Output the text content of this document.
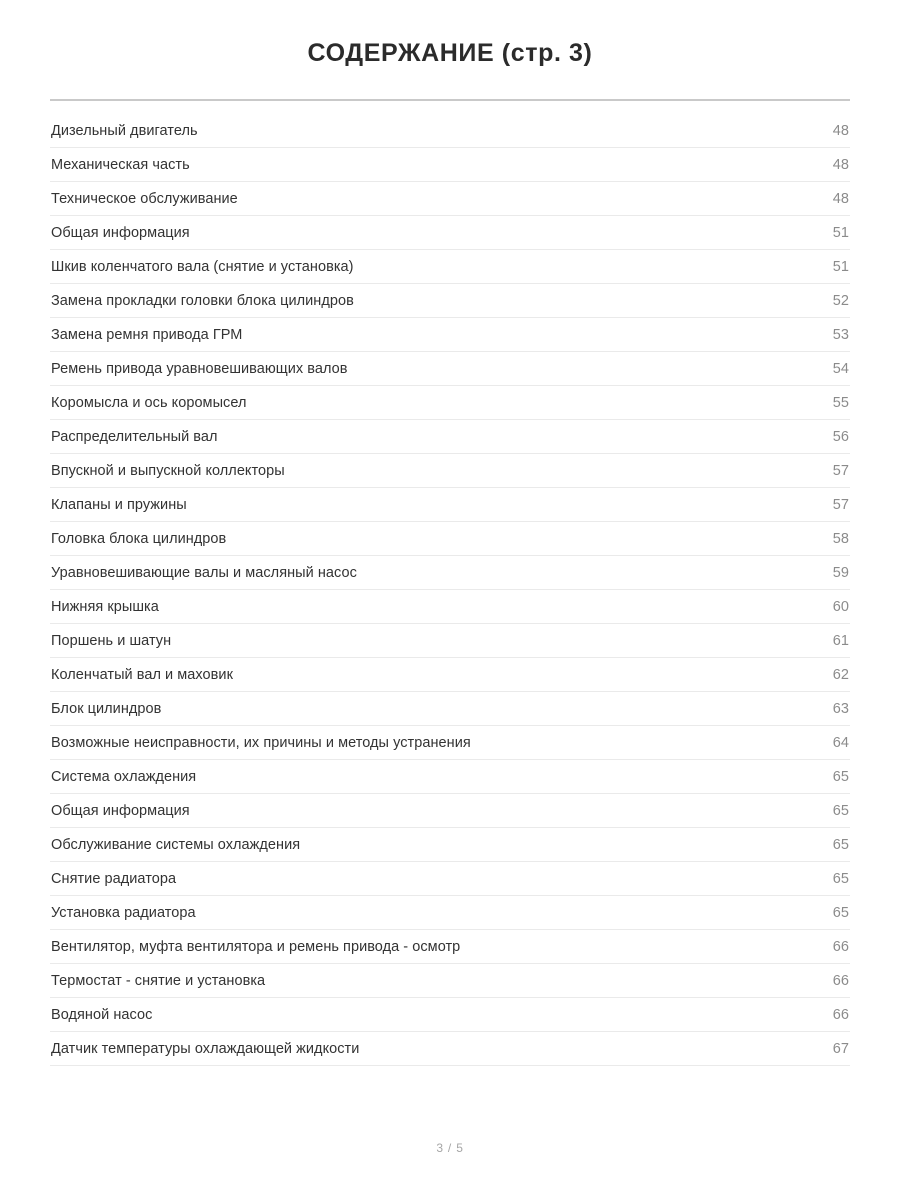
СОДЕРЖАНИЕ (стр. 3)
Дизельный двигатель	48
Механическая часть	48
Техническое обслуживание	48
Общая информация	51
Шкив коленчатого вала (снятие и установка)	51
Замена прокладки головки блока цилиндров	52
Замена ремня привода ГРМ	53
Ремень привода уравновешивающих валов	54
Коромысла и ось коромысел	55
Распределительный вал	56
Впускной и выпускной коллекторы	57
Клапаны и пружины	57
Головка блока цилиндров	58
Уравновешивающие валы и масляный насос	59
Нижняя крышка	60
Поршень и шатун	61
Коленчатый вал и маховик	62
Блок цилиндров	63
Возможные неисправности, их причины и методы устранения	64
Система охлаждения	65
Общая информация	65
Обслуживание системы охлаждения	65
Снятие радиатора	65
Установка радиатора	65
Вентилятор, муфта вентилятора и ремень привода - осмотр	66
Термостат - снятие и установка	66
Водяной насос	66
Датчик температуры охлаждающей жидкости	67
3 / 5
